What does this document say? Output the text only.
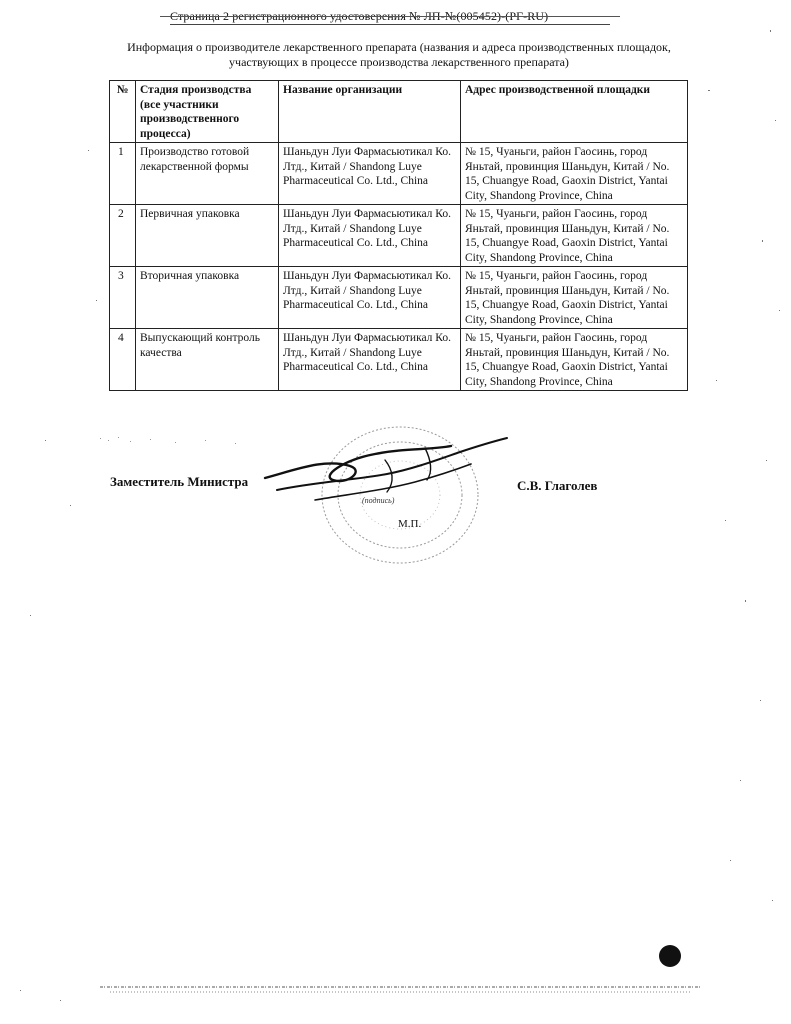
Страница 2 регистрационного удостоверения № ЛП-№(005452)-(РГ-RU)
Информация о производителе лекарственного препарата (названия и адреса производственных площадок,
участвующих в процессе производства лекарственного препарата)
№	Стадия производства (все участники производственного процесса)	Название организации	Адрес производственной площадки
1	Производство готовой лекарственной формы	Шаньдун Луи Фармасьютикал Ко. Лтд., Китай / Shandong Luye Pharmaceutical Co. Ltd., China	№ 15, Чуаньги, район Гаосинь, город Яньтай, провинция Шаньдун, Китай / No. 15, Chuangye Road, Gaoxin District, Yantai City, Shandong Province, China
2	Первичная упаковка	Шаньдун Луи Фармасьютикал Ко. Лтд., Китай / Shandong Luye Pharmaceutical Co. Ltd., China	№ 15, Чуаньги, район Гаосинь, город Яньтай, провинция Шаньдун, Китай / No. 15, Chuangye Road, Gaoxin District, Yantai City, Shandong Province, China
3	Вторичная упаковка	Шаньдун Луи Фармасьютикал Ко. Лтд., Китай / Shandong Luye Pharmaceutical Co. Ltd., China	№ 15, Чуаньги, район Гаосинь, город Яньтай, провинция Шаньдун, Китай / No. 15, Chuangye Road, Gaoxin District, Yantai City, Shandong Province, China
4	Выпускающий контроль качества	Шаньдун Луи Фармасьютикал Ко. Лтд., Китай / Shandong Luye Pharmaceutical Co. Ltd., China	№ 15, Чуаньги, район Гаосинь, город Яньтай, провинция Шаньдун, Китай / No. 15, Chuangye Road, Gaoxin District, Yantai City, Shandong Province, China
Заместитель Министра	С.В. Глаголев
(подпись)
М.П.
